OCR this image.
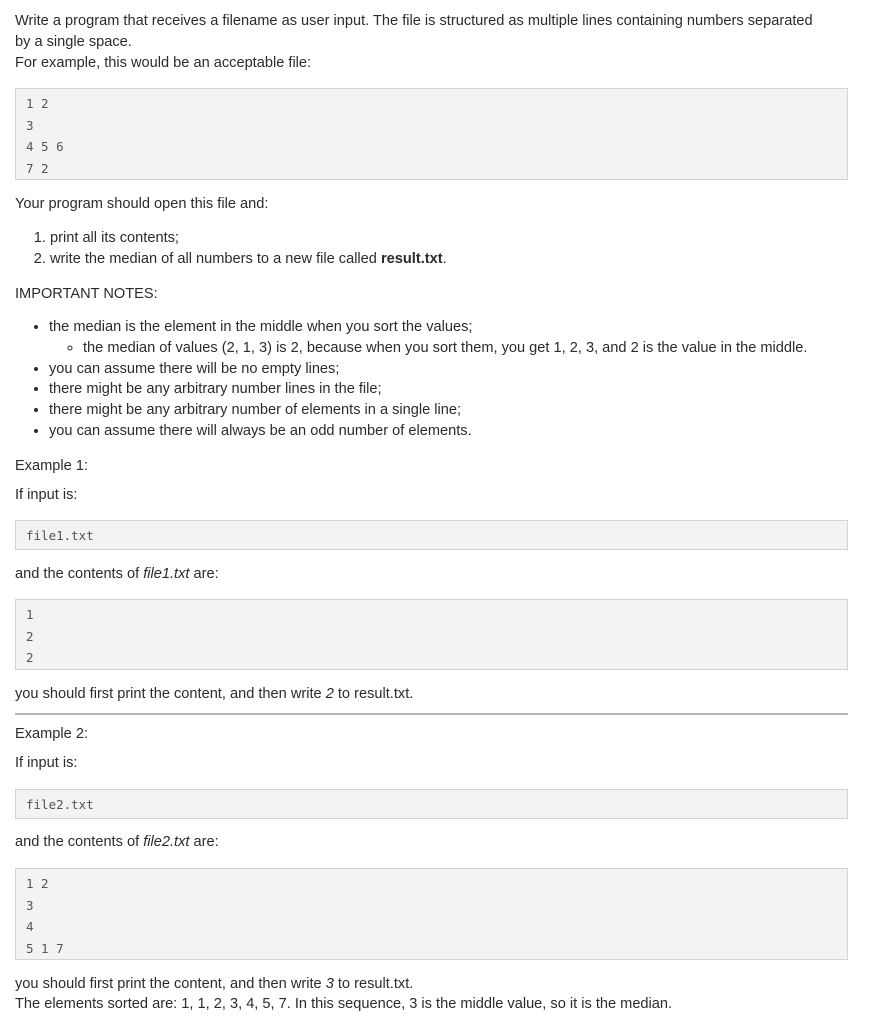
Write a program that receives a filename as user input. The file is structured as multiple lines containing numbers separated
by a single space.
For example, this would be an acceptable file:
1 2
3
4 5 6
7 2
Your program should open this file and:
1. print all its contents;
2. write the median of all numbers to a new file called result.txt.
IMPORTANT NOTES:
• the median is the element in the middle when you sort the values;
◦ the median of values (2, 1, 3) is 2, because when you sort them, you get 1, 2, 3, and 2 is the value in the middle.
• you can assume there will be no empty lines;
• there might be any arbitrary number lines in the file;
• there might be any arbitrary number of elements in a single line;
• you can assume there will always be an odd number of elements.
Example 1:
If input is:
file1.txt
and the contents of file1.txt are:
1
2
2
you should first print the content, and then write 2 to result.txt.
Example 2:
If input is:
file2.txt
and the contents of file2.txt are:
1 2
3
4
5 1 7
you should first print the content, and then write 3 to result.txt.
The elements sorted are: 1, 1, 2, 3, 4, 5, 7. In this sequence, 3 is the middle value, so it is the median.
